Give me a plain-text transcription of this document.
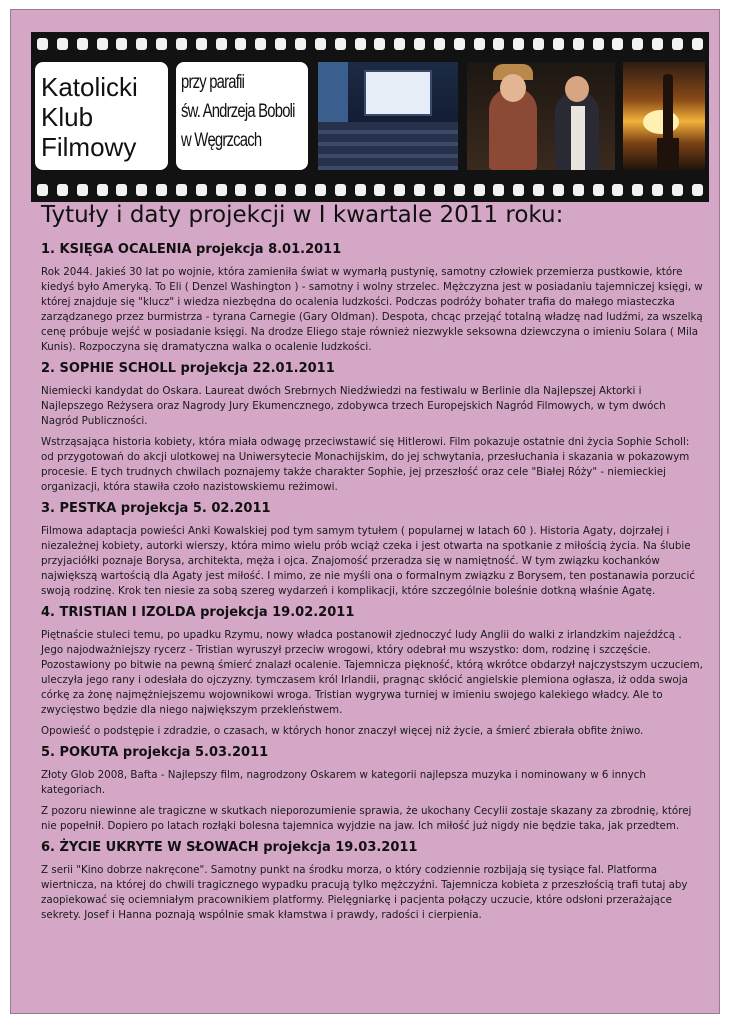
Katolicki
Klub
Filmowy
przy parafii
św. Andrzeja Boboli
w Węgrzcach
Tytuły i daty projekcji w I kwartale 2011 roku:
1. KSIĘGA OCALENIA projekcja 8.01.2011

Rok 2044. Jakieś 30 lat po wojnie, która zamieniła świat w wymarłą pustynię, samotny człowiek przemierza pustkowie, które kiedyś było Ameryką. To Eli ( Denzel Washington ) - samotny i wolny strzelec. Mężczyzna jest w posiadaniu tajemniczej księgi, w której znajduje się "klucz" i wiedza niezbędna do ocalenia ludzkości. Podczas podróży bohater trafia do małego miasteczka zarządzanego przez burmistrza - tyrana Carnegie (Gary Oldman). Despota, chcąc przejąć totalną władzę nad ludźmi, za wszelką cenę próbuje wejść w posiadanie księgi. Na drodze Eliego staje również niezwykle seksowna dziewczyna o imieniu Solara ( Mila Kunis). Rozpoczyna się dramatyczna walka o ocalenie ludzkości.

2. SOPHIE SCHOLL projekcja 22.01.2011

Niemiecki kandydat do Oskara. Laureat dwóch Srebrnych Niedźwiedzi na festiwalu w Berlinie dla Najlepszej Aktorki i Najlepszego Reżysera oraz Nagrody Jury Ekumencznego, zdobywca trzech Europejskich Nagród Filmowych, w tym dwóch Nagród Publiczności.

Wstrząsająca historia kobiety, która miała odwagę przeciwstawić się Hitlerowi. Film pokazuje ostatnie dni życia Sophie Scholl: od przygotowań do akcji ulotkowej na Uniwersytecie Monachijskim, do jej schwytania, przesłuchania i skazania w pokazowym procesie. E tych trudnych chwilach poznajemy także charakter Sophie, jej przeszłość oraz cele "Białej Róży" - niemieckiej organizacji, która stawiła czoło nazistowskiemu reżimowi.

3. PESTKA projekcja 5. 02.2011

Filmowa adaptacja powieści Anki Kowalskiej pod tym samym tytułem ( popularnej w latach 60 ). Historia Agaty, dojrzałej i niezależnej kobiety, autorki wierszy, która mimo wielu prób wciąż czeka i jest otwarta na spotkanie z miłością życia. Na ślubie przyjaciółki poznaje Borysa, architekta, męża i ojca. Znajomość przeradza się w namiętność. W tym związku kochanków największą wartością dla Agaty jest miłość. I mimo, ze nie myśli ona o formalnym związku z Borysem, ten postanawia porzucić swoją rodzinę. Krok ten niesie za sobą szereg wydarzeń i komplikacji, które szczególnie boleśnie dotkną właśnie Agatę.

4. TRISTIAN I IZOLDA projekcja 19.02.2011

Piętnaście stuleci temu, po upadku Rzymu, nowy władca postanowił zjednoczyć ludy Anglii do walki z irlandzkim najeźdźcą . Jego najodważniejszy rycerz - Tristian wyruszył przeciw wrogowi, który odebrał mu wszystko: dom, rodzinę i szczęście. Pozostawiony po bitwie na pewną śmierć znalazł ocalenie. Tajemnicza piękność, którą wkrótce obdarzył najczystszym uczuciem, uleczyła jego rany i odesłała do ojczyzny. tymczasem król Irlandii, pragnąc skłócić angielskie plemiona ogłasza, iż odda swoja córkę za żonę najmężniejszemu wojownikowi wroga. Tristian wygrywa turniej w imieniu swojego kalekiego władcy. Ale to zwycięstwo będzie dla niego największym przekleństwem.

Opowieść o podstępie i zdradzie, o czasach, w których honor znaczył więcej niż życie, a śmierć zbierała obfite żniwo.

5. POKUTA projekcja 5.03.2011

Złoty Glob 2008, Bafta - Najlepszy film, nagrodzony Oskarem w kategorii najlepsza muzyka i nominowany w 6 innych kategoriach.

Z pozoru niewinne ale tragiczne w skutkach nieporozumienie sprawia, że ukochany Cecylii zostaje skazany za zbrodnię, której nie popełnił. Dopiero po latach rozłąki bolesna tajemnica wyjdzie na jaw. Ich miłość już nigdy nie będzie taka, jak przedtem.

6. ŻYCIE UKRYTE W SŁOWACH projekcja 19.03.2011

Z serii "Kino dobrze nakręcone". Samotny punkt na środku morza, o który codziennie rozbijają się tysiące fal. Platforma wiertnicza, na której do chwili tragicznego wypadku pracują tylko mężczyźni. Tajemnicza kobieta z przeszłością trafi tutaj aby zaopiekować się ociemniałym pracownikiem platformy. Pielęgniarkę i pacjenta połączy uczucie, które odsłoni przerażające sekrety. Josef i Hanna poznają wspólnie smak kłamstwa i prawdy, radości i cierpienia.
